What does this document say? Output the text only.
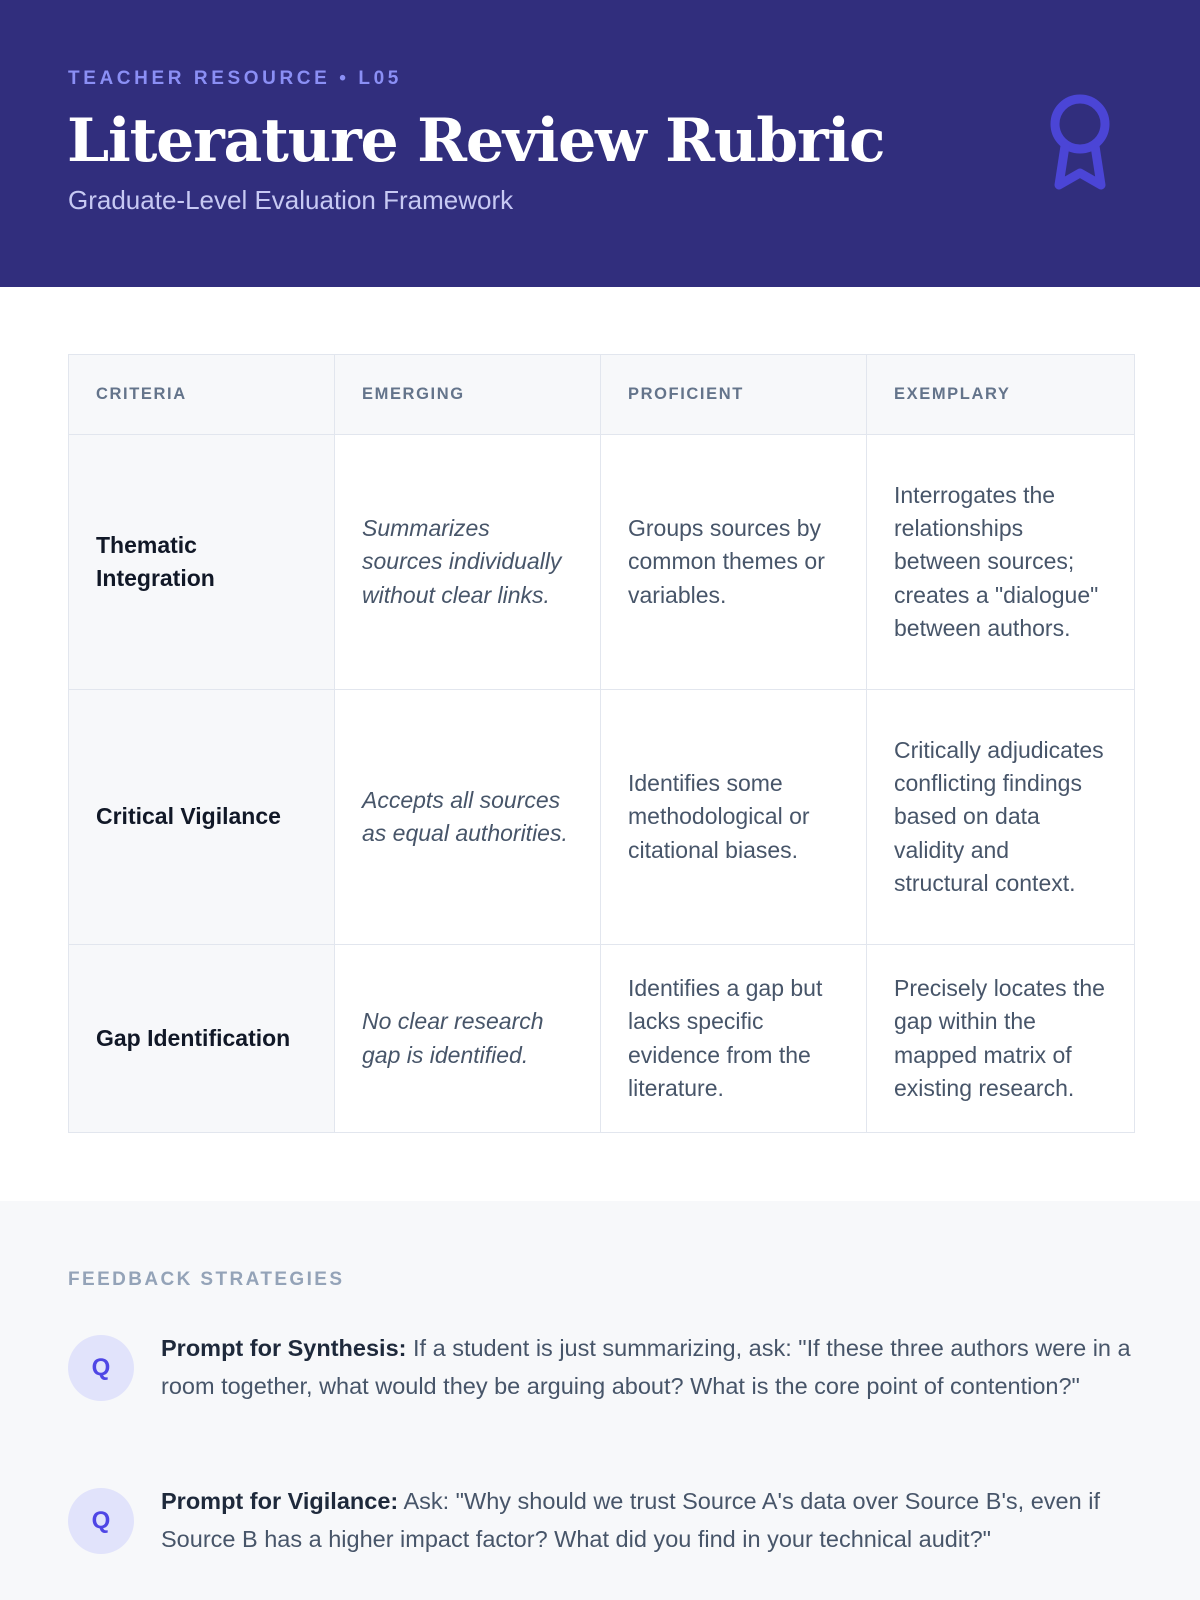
TEACHER RESOURCE • L05
Literature Review Rubric
Graduate-Level Evaluation Framework
CRITERIA	EMERGING	PROFICIENT	EXEMPLARY
Thematic Integration	Summarizes sources individually without clear links.	Groups sources by common themes or variables.	Interrogates the relationships between sources; creates a "dialogue" between authors.
Critical Vigilance	Accepts all sources as equal authorities.	Identifies some methodological or citational biases.	Critically adjudicates conflicting findings based on data validity and structural context.
Gap Identification	No clear research gap is identified.	Identifies a gap but lacks specific evidence from the literature.	Precisely locates the gap within the mapped matrix of existing research.
FEEDBACK STRATEGIES
Q
Prompt for Synthesis: If a student is just summarizing, ask: "If these three authors were in a room together, what would they be arguing about? What is the core point of contention?"
Q
Prompt for Vigilance: Ask: "Why should we trust Source A's data over Source B's, even if Source B has a higher impact factor? What did you find in your technical audit?"
